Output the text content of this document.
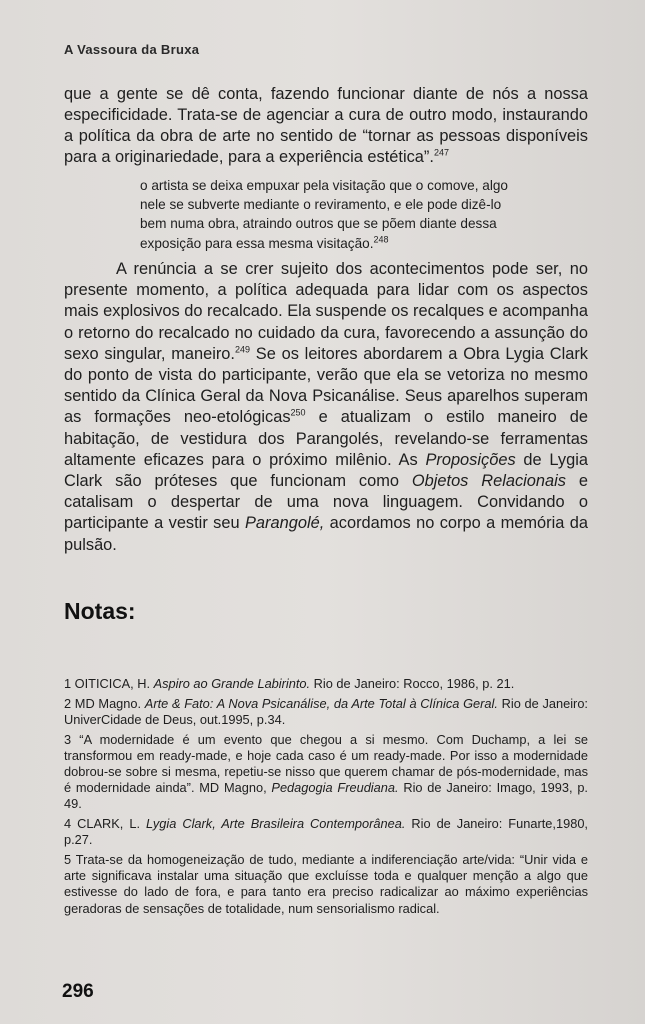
A Vassoura da Bruxa

que a gente se dê conta, fazendo funcionar diante de nós a nossa especificidade. Trata-se de agenciar a cura de outro modo, instaurando a política da obra de arte no sentido de “tornar as pessoas disponíveis para a originariedade, para a experiência estética”.$^{247}$

o artista se deixa empuxar pela visitação que o comove, algo nele se subverte mediante o reviramento, e ele pode dizê-lo bem numa obra, atraindo outros que se põem diante dessa exposição para essa mesma visitação.$^{248}$

A renúncia a se crer sujeito dos acontecimentos pode ser, no presente momento, a política adequada para lidar com os aspectos mais explosivos do recalcado. Ela suspende os recalques e acompanha o retorno do recalcado no cuidado da cura, favorecendo a assunção do sexo singular, maneiro.$^{249}$ Se os leitores abordarem a Obra Lygia Clark do ponto de vista do participante, verão que ela se vetoriza no mesmo sentido da Clínica Geral da Nova Psicanálise. Seus aparelhos superam as formações neo-etológicas$^{250}$ e atualizam o estilo maneiro de habitação, de vestidura dos Parangolés, revelando-se ferramentas altamente eficazes para o próximo milênio. As Proposições de Lygia Clark são próteses que funcionam como Objetos Relacionais e catalisam o despertar de uma nova linguagem. Convidando o participante a vestir seu Parangolé, acordamos no corpo a memória da pulsão.

Notas:

1 OITICICA, H. Aspiro ao Grande Labirinto. Rio de Janeiro: Rocco, 1986, p. 21.

2 MD Magno. Arte & Fato: A Nova Psicanálise, da Arte Total à Clínica Geral. Rio de Janeiro: UniverCidade de Deus, out.1995, p.34.

3 “A modernidade é um evento que chegou a si mesmo. Com Duchamp, a lei se transformou em ready-made, e hoje cada caso é um ready-made. Por isso a modernidade dobrou-se sobre si mesma, repetiu-se nisso que querem chamar de pós-modernidade, mas é modernidade ainda”. MD Magno, Pedagogia Freudiana. Rio de Janeiro: Imago, 1993, p. 49.

4 CLARK, L. Lygia Clark, Arte Brasileira Contemporânea. Rio de Janeiro: Funarte,1980, p.27.

5 Trata-se da homogeneização de tudo, mediante a indiferenciação arte/vida: “Unir vida e arte significava instalar uma situação que excluísse toda e qualquer menção a algo que estivesse do lado de fora, e para tanto era preciso radicalizar ao máximo experiências geradoras de sensações de totalidade, num sensorialismo radical.

296
